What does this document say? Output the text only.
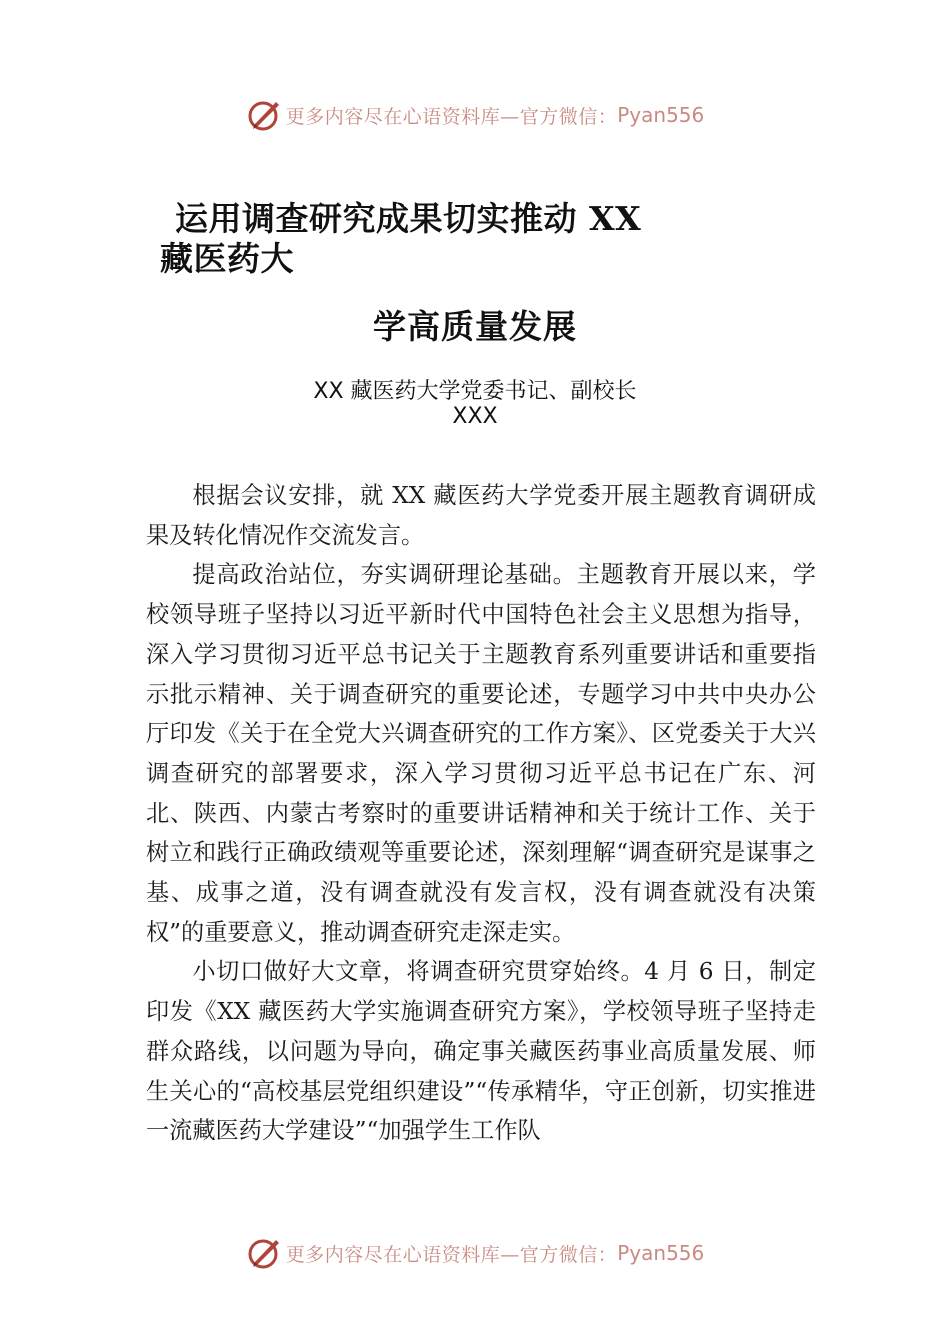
更多内容尽在心语资料库—官方微信： Pyan556
运用调查研究成果切实推动 XX
藏医药大
学高质量发展
XX 藏医药大学党委书记、副校长
XXX

根据会议安排，就 XX 藏医药大学党委开展主题教育调研成果及转化情况作交流发言。

提高政治站位，夯实调研理论基础。主题教育开展以来，学校领导班子坚持以习近平新时代中国特色社会主义思想为指导，深入学习贯彻习近平总书记关于主题教育系列重要讲话和重要指示批示精神、关于调查研究的重要论述，专题学习中共中央办公厅印发《关于在全党大兴调查研究的工作方案》、区党委关于大兴调查研究的部署要求，深入学习贯彻习近平总书记在广东、河北、陕西、内蒙古考察时的重要讲话精神和关于统计工作、关于树立和践行正确政绩观等重要论述，深刻理解“调查研究是谋事之基、成事之道，没有调查就没有发言权，没有调查就没有决策权”的重要意义，推动调查研究走深走实。

小切口做好大文章，将调查研究贯穿始终。4 月 6 日，制定印发《XX 藏医药大学实施调查研究方案》，学校领导班子坚持走群众路线，以问题为导向，确定事关藏医药事业高质量发展、师生关心的“高校基层党组织建设”“传承精华，守正创新，切实推进一流藏医药大学建设”“加强学生工作队

更多内容尽在心语资料库—官方微信： Pyan556
